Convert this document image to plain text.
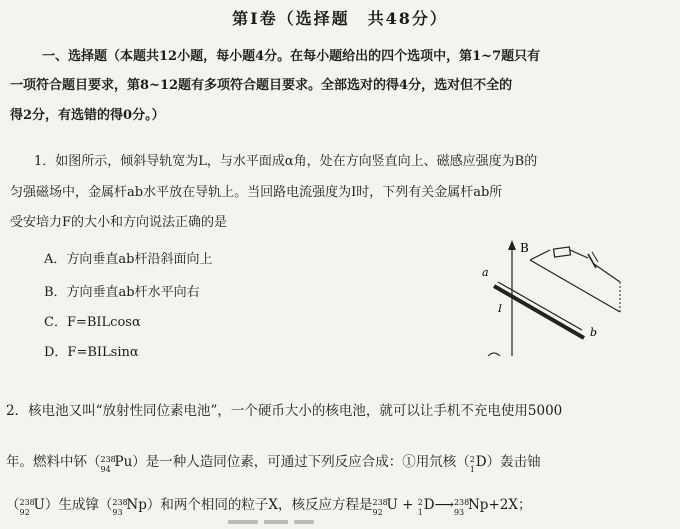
第Ⅰ卷（选择题　共48分）
一、选择题（本题共12小题，每小题4分。在每小题给出的四个选项中，第1~7题只有
一项符合题目要求，第8~12题有多项符合题目要求。全部选对的得4分，选对但不全的
得2分，有选错的得0分。）
1．如图所示，倾斜导轨宽为L，与水平面成α角，处在方向竖直向上、磁感应强度为B的
匀强磁场中，金属杆ab水平放在导轨上。当回路电流强度为I时，下列有关金属杆ab所
受安培力F的大小和方向说法正确的是
A．方向垂直ab杆沿斜面向上
B．方向垂直ab杆水平向右
C．F=BILcosα
D．F=BILsinα
B
a
b
I
2．核电池又叫“放射性同位素电池”，一个硬币大小的核电池，就可以让手机不充电使用5000
年。燃料中钚（ 238
94 Pu）是一种人造同位素，可通过下列反应合成：①用氘核（ 2
1 D）轰击铀
（ 238
92 U）生成镎（ 238
93 Np）和两个相同的粒子X，核反应方程是 238
92 U + 2
1 D⟶ 238
93 Np+2X；
